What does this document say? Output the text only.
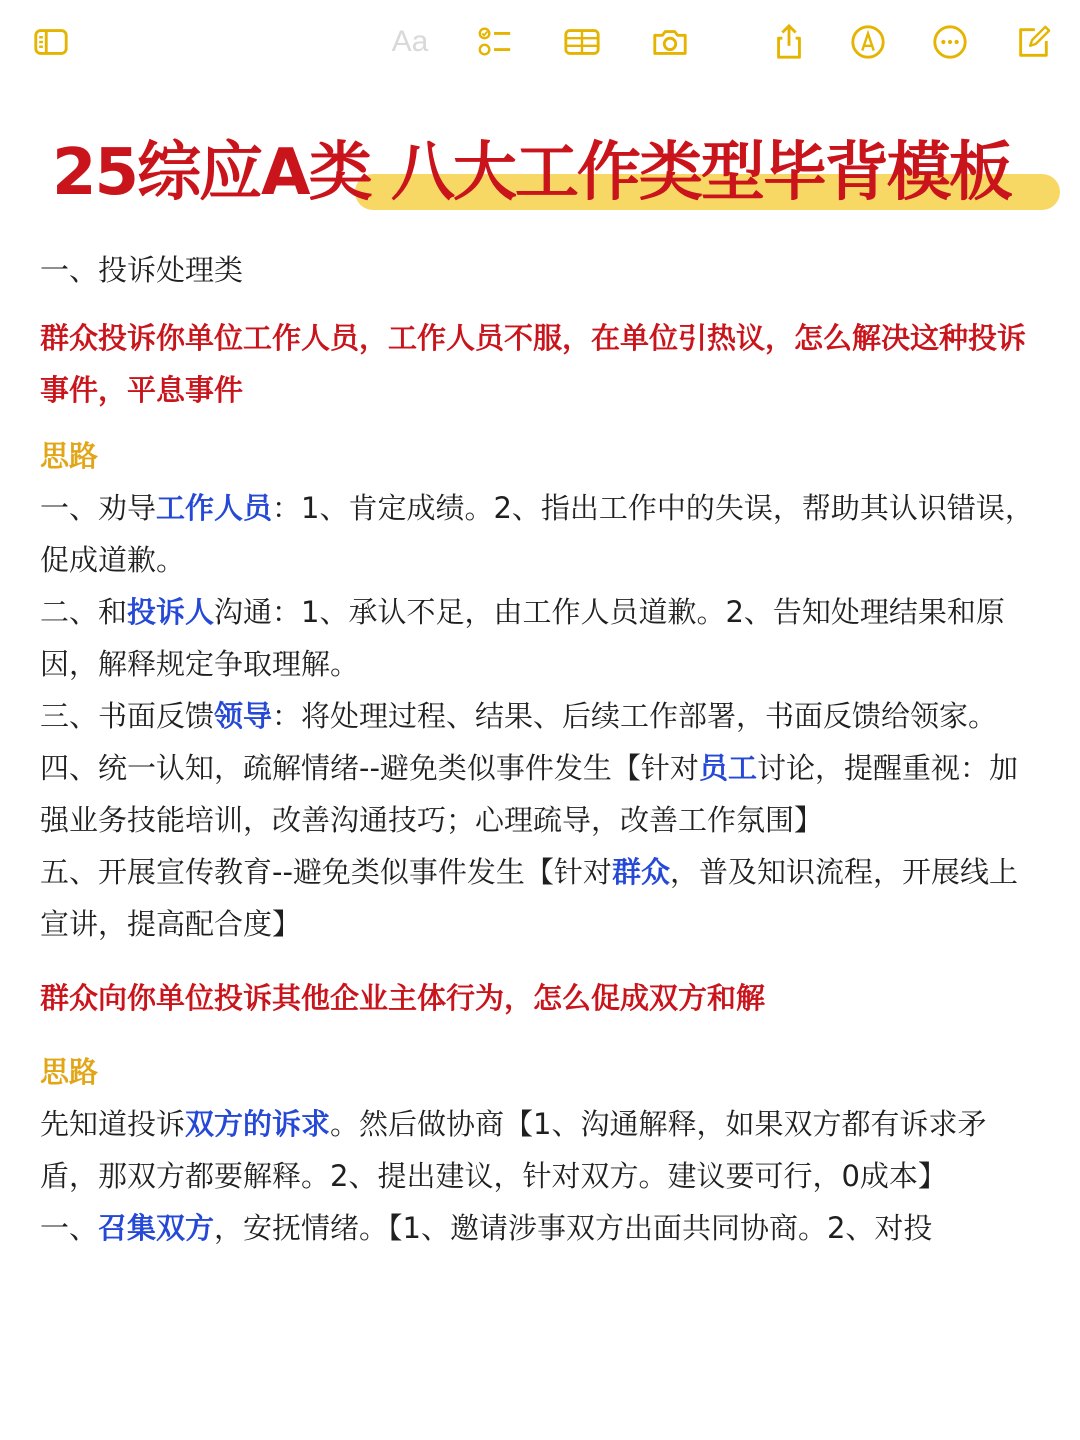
Aa
25综应A类 八大工作类型毕背模板

一、投诉处理类

群众投诉你单位工作人员，工作人员不服，在单位引热议，怎么解决这种投诉事件，平息事件

思路

一、劝导工作人员：1、肯定成绩。2、指出工作中的失误，帮助其认识错误，促成道歉。

二、和投诉人沟通：1、承认不足，由工作人员道歉。2、告知处理结果和原因，解释规定争取理解。

三、书面反馈领导：将处理过程、结果、后续工作部署，书面反馈给领家。

四、统一认知，疏解情绪--避免类似事件发生【针对员工讨论，提醒重视：加强业务技能培训，改善沟通技巧；心理疏导，改善工作氛围】

五、开展宣传教育--避免类似事件发生【针对群众，普及知识流程，开展线上宣讲，提高配合度】

群众向你单位投诉其他企业主体行为，怎么促成双方和解

思路

先知道投诉双方的诉求。然后做协商【1、沟通解释，如果双方都有诉求矛盾，那双方都要解释。2、提出建议，针对双方。建议要可行，0成本】

一、召集双方，安抚情绪。【1、邀请涉事双方出面共同协商。2、对投
